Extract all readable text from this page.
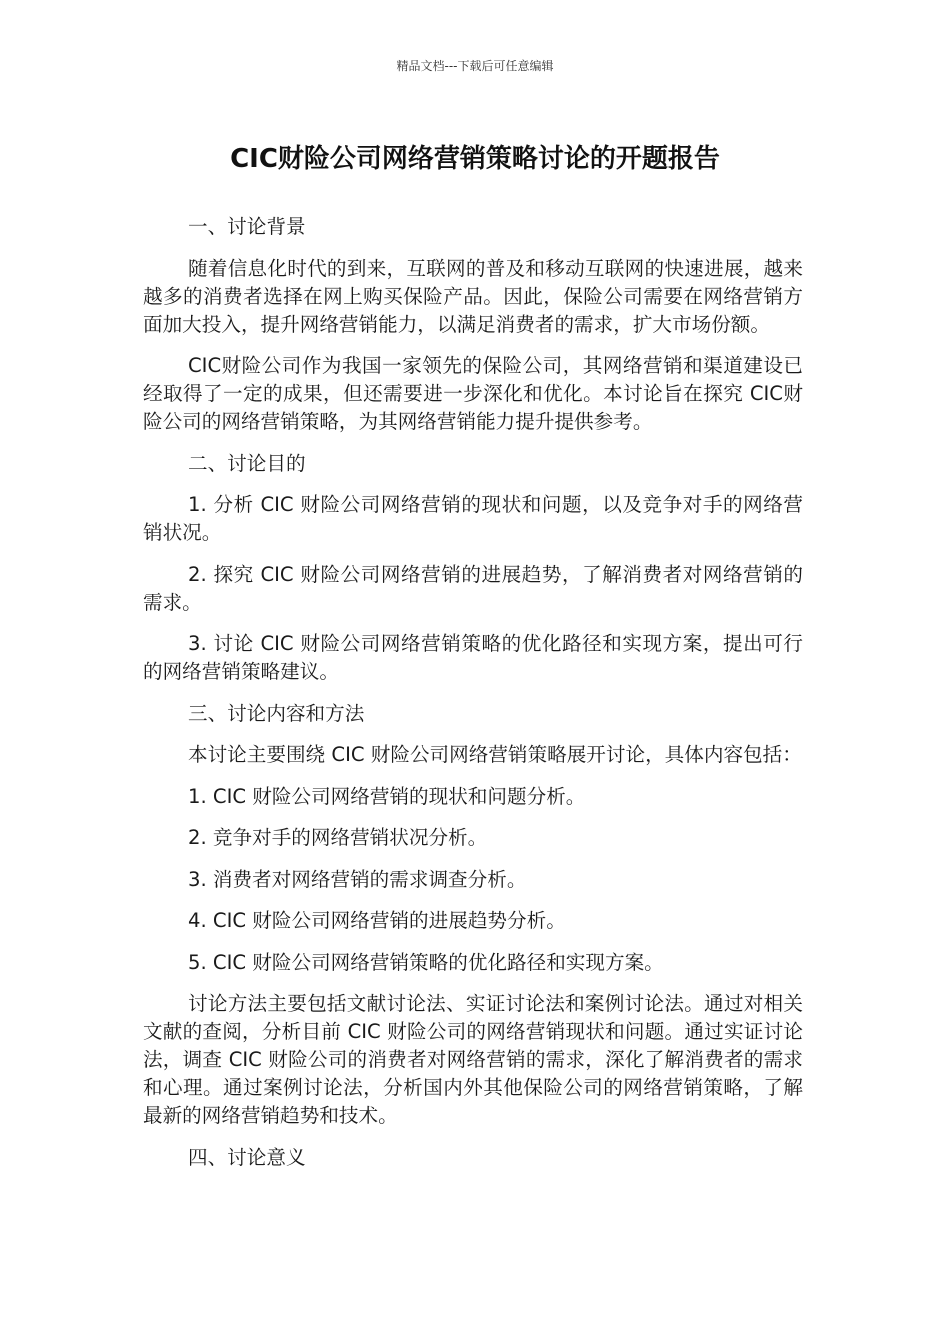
精品文档---下载后可任意编辑
CIC财险公司网络营销策略讨论的开题报告

一、讨论背景

随着信息化时代的到来，互联网的普及和移动互联网的快速进展，越来越多的消费者选择在网上购买保险产品。因此，保险公司需要在网络营销方面加大投入，提升网络营销能力，以满足消费者的需求，扩大市场份额。

CIC财险公司作为我国一家领先的保险公司，其网络营销和渠道建设已经取得了一定的成果，但还需要进一步深化和优化。本讨论旨在探究 CIC财险公司的网络营销策略，为其网络营销能力提升提供参考。

二、讨论目的

1. 分析 CIC 财险公司网络营销的现状和问题，以及竞争对手的网络营销状况。

2. 探究 CIC 财险公司网络营销的进展趋势，了解消费者对网络营销的需求。

3. 讨论 CIC 财险公司网络营销策略的优化路径和实现方案，提出可行的网络营销策略建议。

三、讨论内容和方法

本讨论主要围绕 CIC 财险公司网络营销策略展开讨论，具体内容包括：

1. CIC 财险公司网络营销的现状和问题分析。

2. 竞争对手的网络营销状况分析。

3. 消费者对网络营销的需求调查分析。

4. CIC 财险公司网络营销的进展趋势分析。

5. CIC 财险公司网络营销策略的优化路径和实现方案。

讨论方法主要包括文献讨论法、实证讨论法和案例讨论法。通过对相关文献的查阅，分析目前 CIC 财险公司的网络营销现状和问题。通过实证讨论法，调查 CIC 财险公司的消费者对网络营销的需求，深化了解消费者的需求和心理。通过案例讨论法，分析国内外其他保险公司的网络营销策略，了解最新的网络营销趋势和技术。

四、讨论意义
